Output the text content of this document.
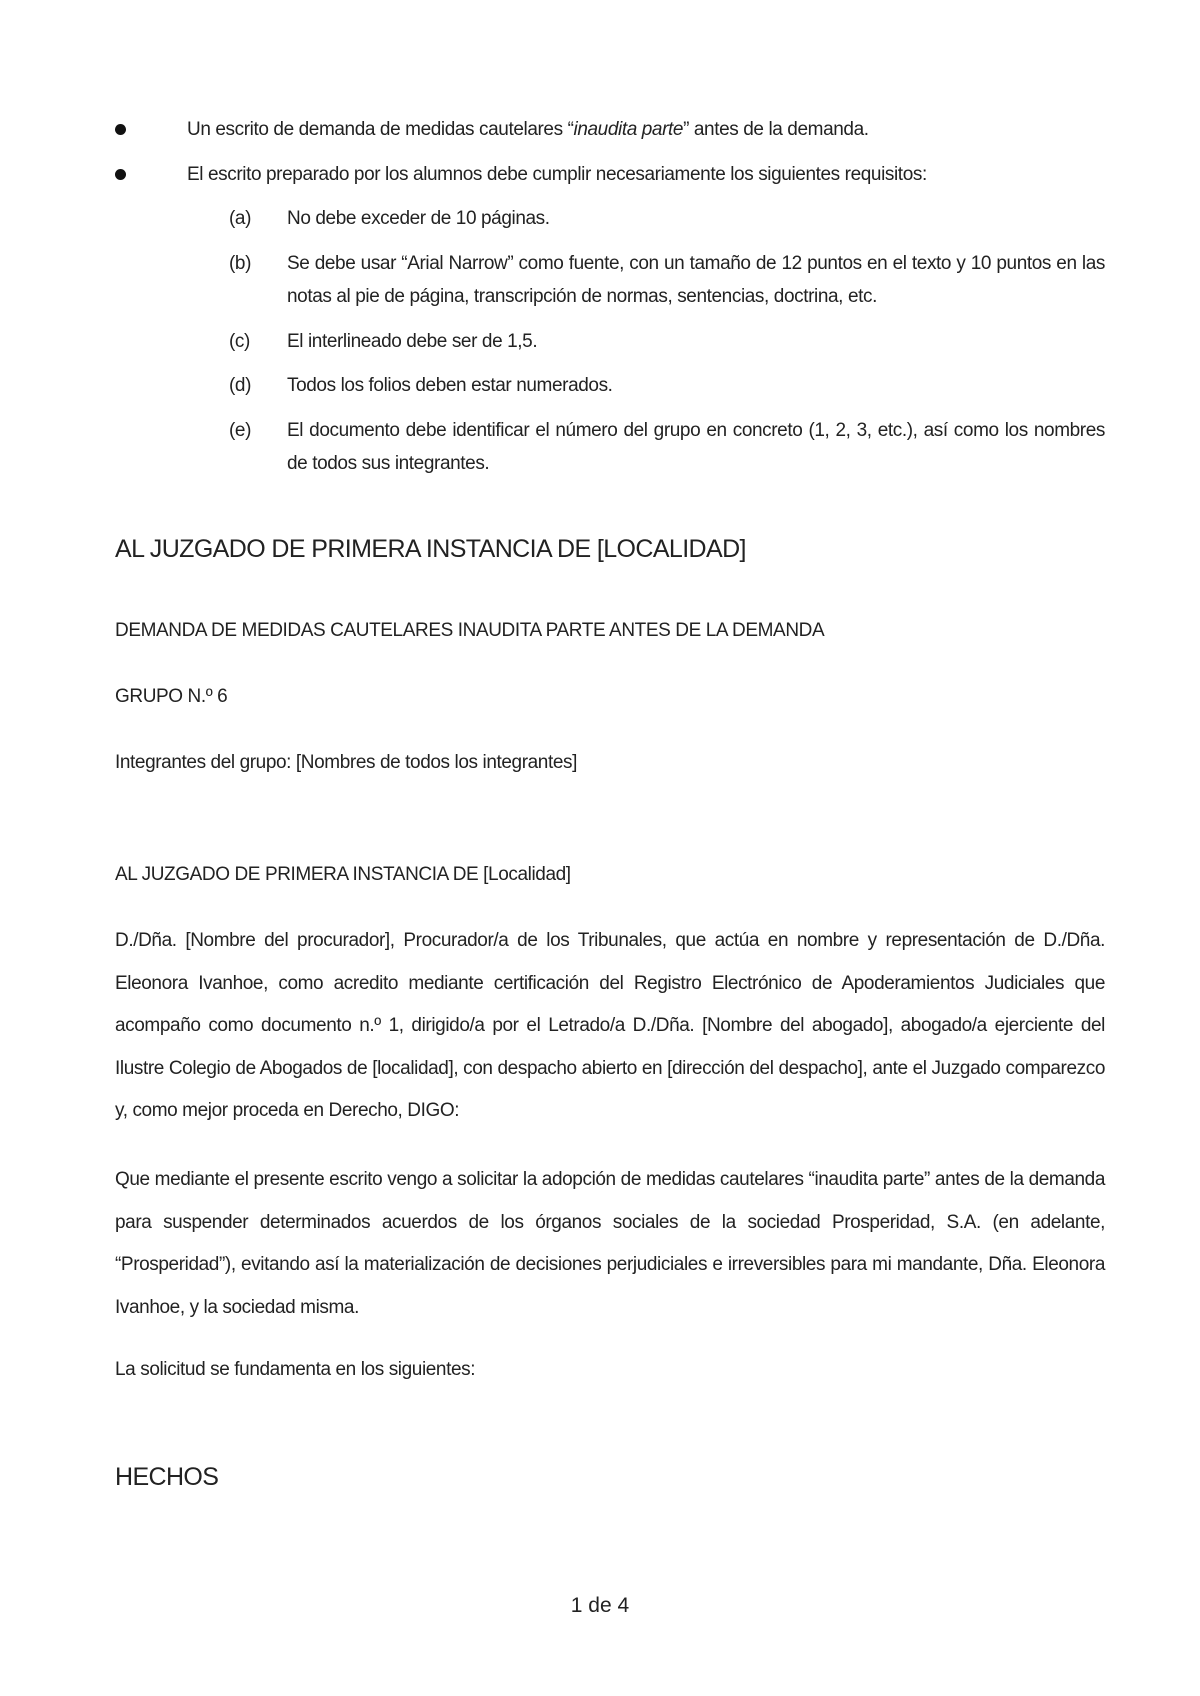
Un escrito de demanda de medidas cautelares “inaudita parte” antes de la demanda.
El escrito preparado por los alumnos debe cumplir necesariamente los siguientes requisitos:
(a) No debe exceder de 10 páginas.
(b) Se debe usar “Arial Narrow” como fuente, con un tamaño de 12 puntos en el texto y 10 puntos en las notas al pie de página, transcripción de normas, sentencias, doctrina, etc.
(c) El interlineado debe ser de 1,5.
(d) Todos los folios deben estar numerados.
(e) El documento debe identificar el número del grupo en concreto (1, 2, 3, etc.), así como los nombres de todos sus integrantes.
AL JUZGADO DE PRIMERA INSTANCIA DE [LOCALIDAD]
DEMANDA DE MEDIDAS CAUTELARES INAUDITA PARTE ANTES DE LA DEMANDA
GRUPO N.º 6
Integrantes del grupo: [Nombres de todos los integrantes]
AL JUZGADO DE PRIMERA INSTANCIA DE [Localidad]
D./Dña. [Nombre del procurador], Procurador/a de los Tribunales, que actúa en nombre y representación de D./Dña. Eleonora Ivanhoe, como acredito mediante certificación del Registro Electrónico de Apoderamientos Judiciales que acompaño como documento n.º 1, dirigido/a por el Letrado/a D./Dña. [Nombre del abogado], abogado/a ejerciente del Ilustre Colegio de Abogados de [localidad], con despacho abierto en [dirección del despacho], ante el Juzgado comparezco y, como mejor proceda en Derecho, DIGO:
Que mediante el presente escrito vengo a solicitar la adopción de medidas cautelares “inaudita parte” antes de la demanda para suspender determinados acuerdos de los órganos sociales de la sociedad Prosperidad, S.A. (en adelante, “Prosperidad”), evitando así la materialización de decisiones perjudiciales e irreversibles para mi mandante, Dña. Eleonora Ivanhoe, y la sociedad misma.
La solicitud se fundamenta en los siguientes:
HECHOS
1 de 4
